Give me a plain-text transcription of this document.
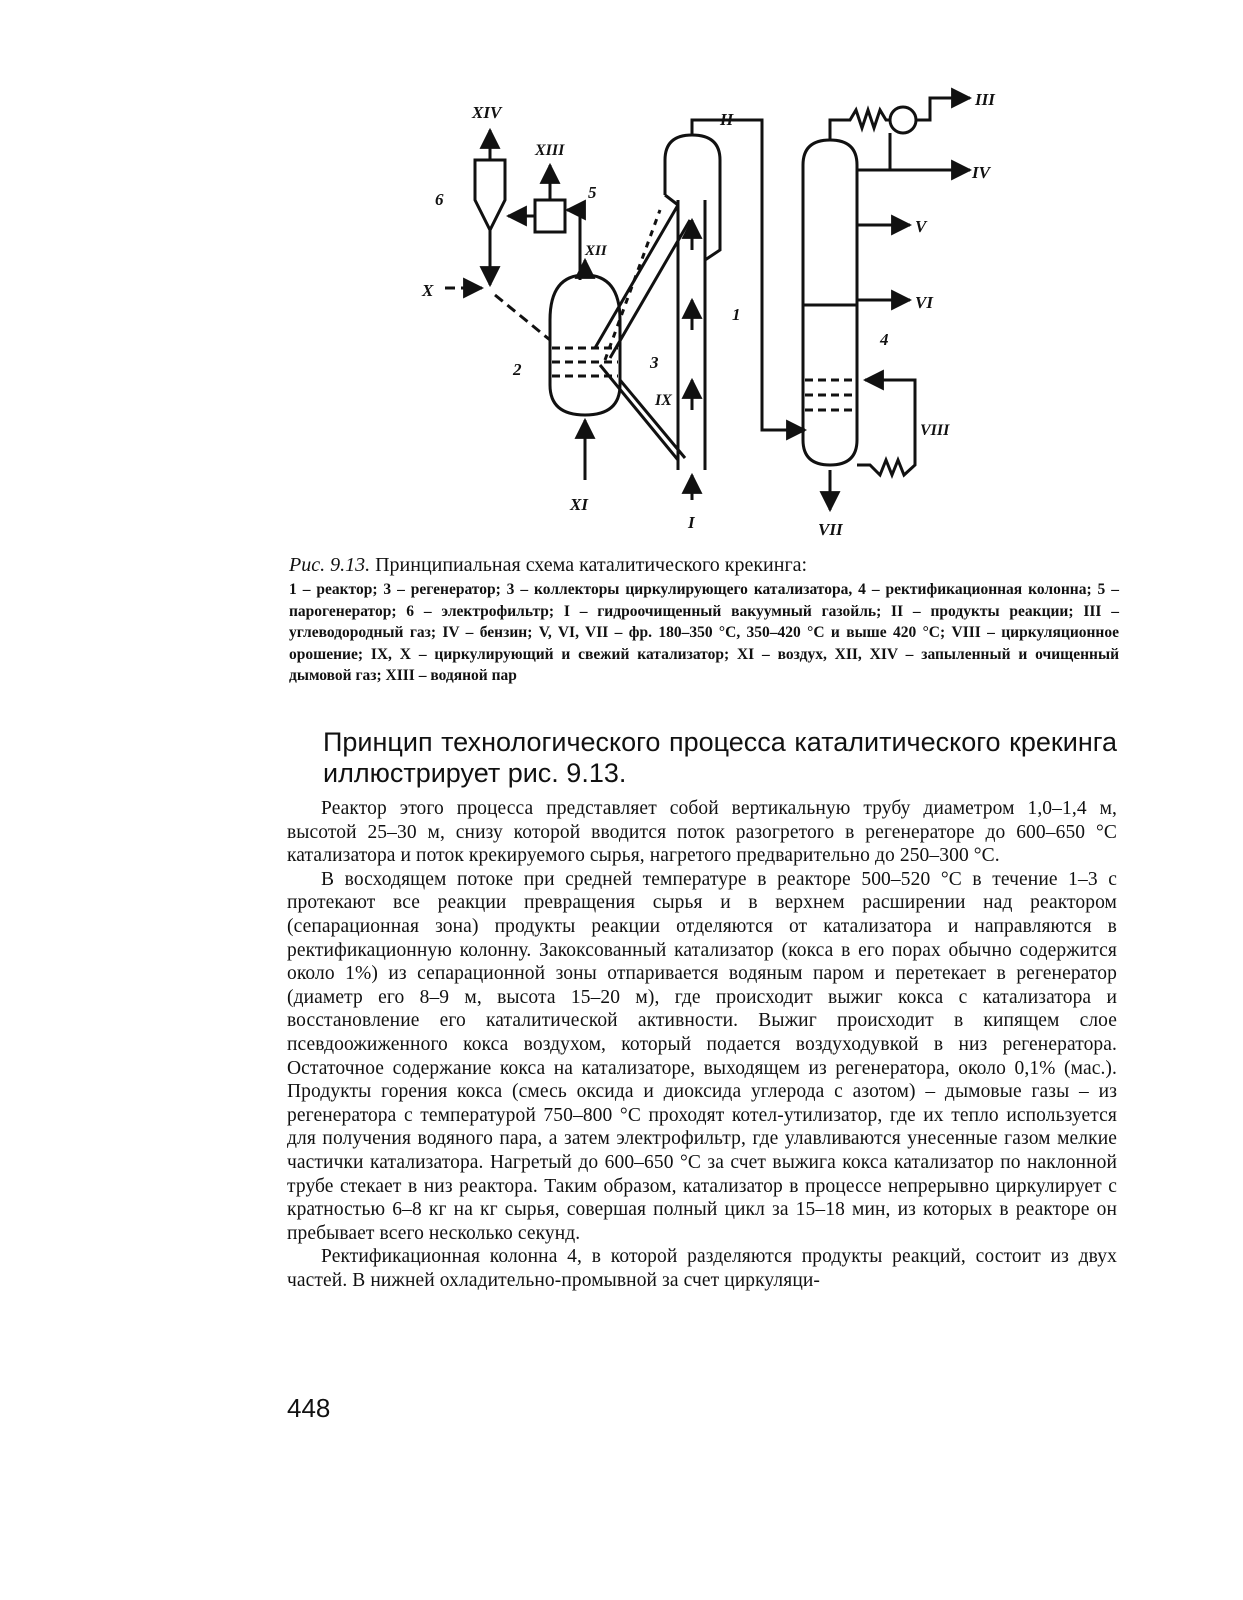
XIV
XIII
XII
6	5
X
2	3
IX
XI
I
1
II
4
III
IV
V
VI
VIII
VII

Рис. 9.13. Принципиальная схема каталитического крекинга:

1 – реактор; 3 – регенератор; 3 – коллекторы циркулирующего катализатора, 4 – ректификационная колонна; 5 – парогенератор; 6 – электрофильтр; I – гидроочищенный вакуумный газойль; II – продукты реакции; III –углеводородный газ; IV – бензин; V, VI, VII – фр. 180–350 °С, 350–420 °С и выше 420 °С; VIII – циркуляционное орошение; IX, X – циркулирующий и свежий катализатор; XI – воздух, XII, XIV – запыленный и очищенный дымовой газ; XIII – водяной пар

Принцип технологического процесса каталитического крекинга иллюстрирует рис. 9.13.

Реактор этого процесса представляет собой вертикальную трубу диаметром 1,0–1,4 м, высотой 25–30 м, снизу которой вводится поток разогретого в регенераторе до 600–650 °С катализатора и поток крекируемого сырья, нагретого предварительно до 250–300 °С.

В восходящем потоке при средней температуре в реакторе 500–520 °С в течение 1–3 с протекают все реакции превращения сырья и в верхнем расширении над реактором (сепарационная зона) продукты реакции отделяются от катализатора и направляются в ректификационную колонну. Закоксованный катализатор (кокса в его порах обычно содержится около 1%) из сепарационной зоны отпаривается водяным паром и перетекает в регенератор (диаметр его 8–9 м, высота 15–20 м), где происходит выжиг кокса с катализатора и восстановление его каталитической активности. Выжиг происходит в кипящем слое псевдоожиженного кокса воздухом, который подается воздуходувкой в низ регенератора. Остаточное содержание кокса на катализаторе, выходящем из регенератора, около 0,1% (мас.). Продукты горения кокса (смесь оксида и диоксида углерода с азотом) – дымовые газы – из регенератора с температурой 750–800 °С проходят котел-утилизатор, где их тепло используется для получения водяного пара, а затем электрофильтр, где улавливаются унесенные газом мелкие частички катализатора. Нагретый до 600–650 °С за счет выжига кокса катализатор по наклонной трубе стекает в низ реактора. Таким образом, катализатор в процессе непрерывно циркулирует с кратностью 6–8 кг на кг сырья, совершая полный цикл за 15–18 мин, из которых в реакторе он пребывает всего несколько секунд.

Ректификационная колонна 4, в которой разделяются продукты реакций, состоит из двух частей. В нижней охладительно-промывной за счет циркуляци-

448
